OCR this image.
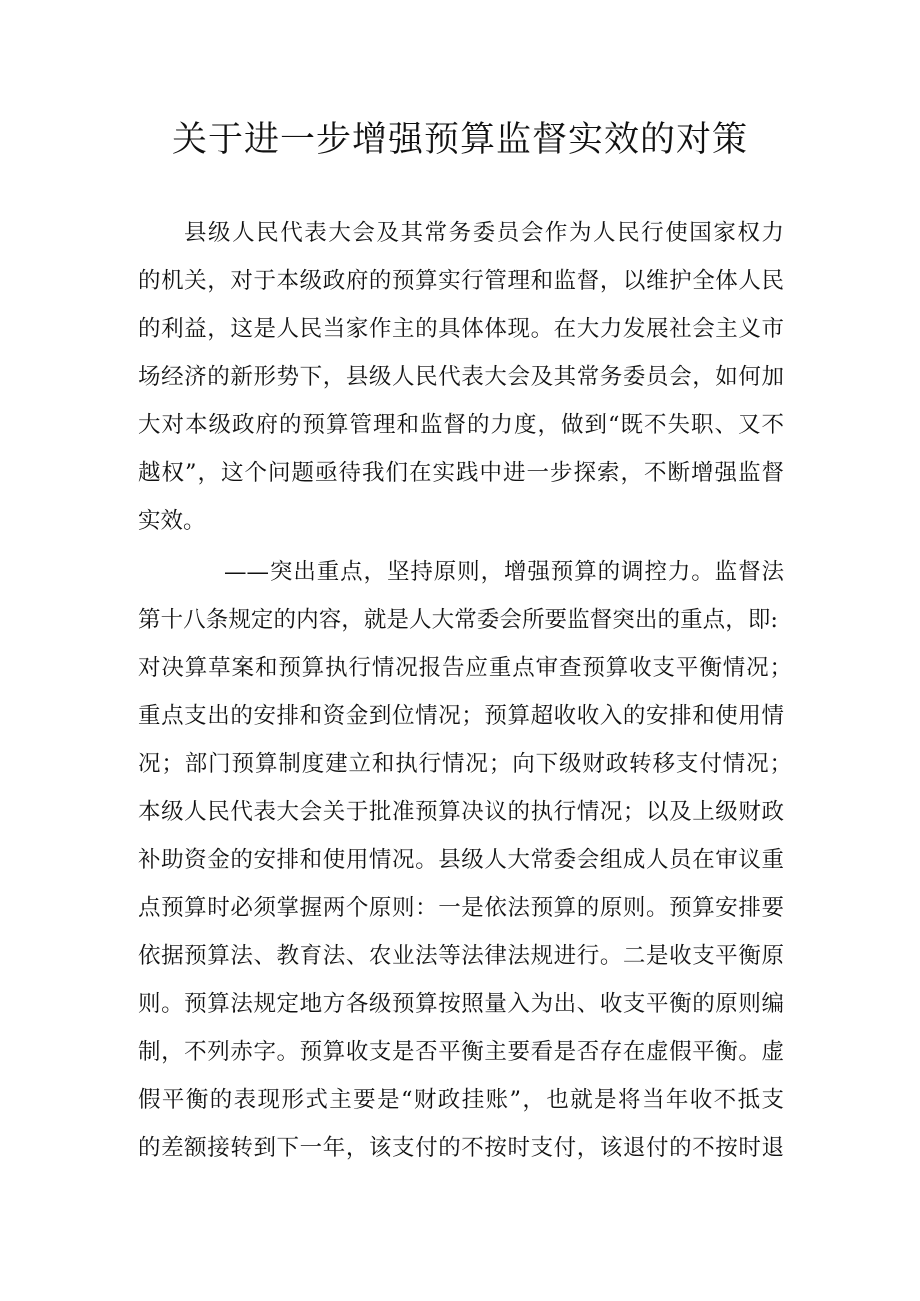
关于进一步增强预算监督实效的对策
县级人民代表大会及其常务委员会作为人民行使国家权力
的机关，对于本级政府的预算实行管理和监督，以维护全体人民
的利益，这是人民当家作主的具体体现。在大力发展社会主义市
场经济的新形势下，县级人民代表大会及其常务委员会，如何加
大对本级政府的预算管理和监督的力度，做到“既不失职、又不
越权”，这个问题亟待我们在实践中进一步探索，不断增强监督
实效。
——突出重点，坚持原则，增强预算的调控力。监督法
第十八条规定的内容，就是人大常委会所要监督突出的重点，即:
对决算草案和预算执行情况报告应重点审查预算收支平衡情况；
重点支出的安排和资金到位情况；预算超收收入的安排和使用情
况；部门预算制度建立和执行情况；向下级财政转移支付情况；
本级人民代表大会关于批准预算决议的执行情况；以及上级财政
补助资金的安排和使用情况。县级人大常委会组成人员在审议重
点预算时必须掌握两个原则：一是依法预算的原则。预算安排要
依据预算法、教育法、农业法等法律法规进行。二是收支平衡原
则。预算法规定地方各级预算按照量入为出、收支平衡的原则编
制，不列赤字。预算收支是否平衡主要看是否存在虚假平衡。虚
假平衡的表现形式主要是“财政挂账”，也就是将当年收不抵支
的差额接转到下一年，该支付的不按时支付，该退付的不按时退
